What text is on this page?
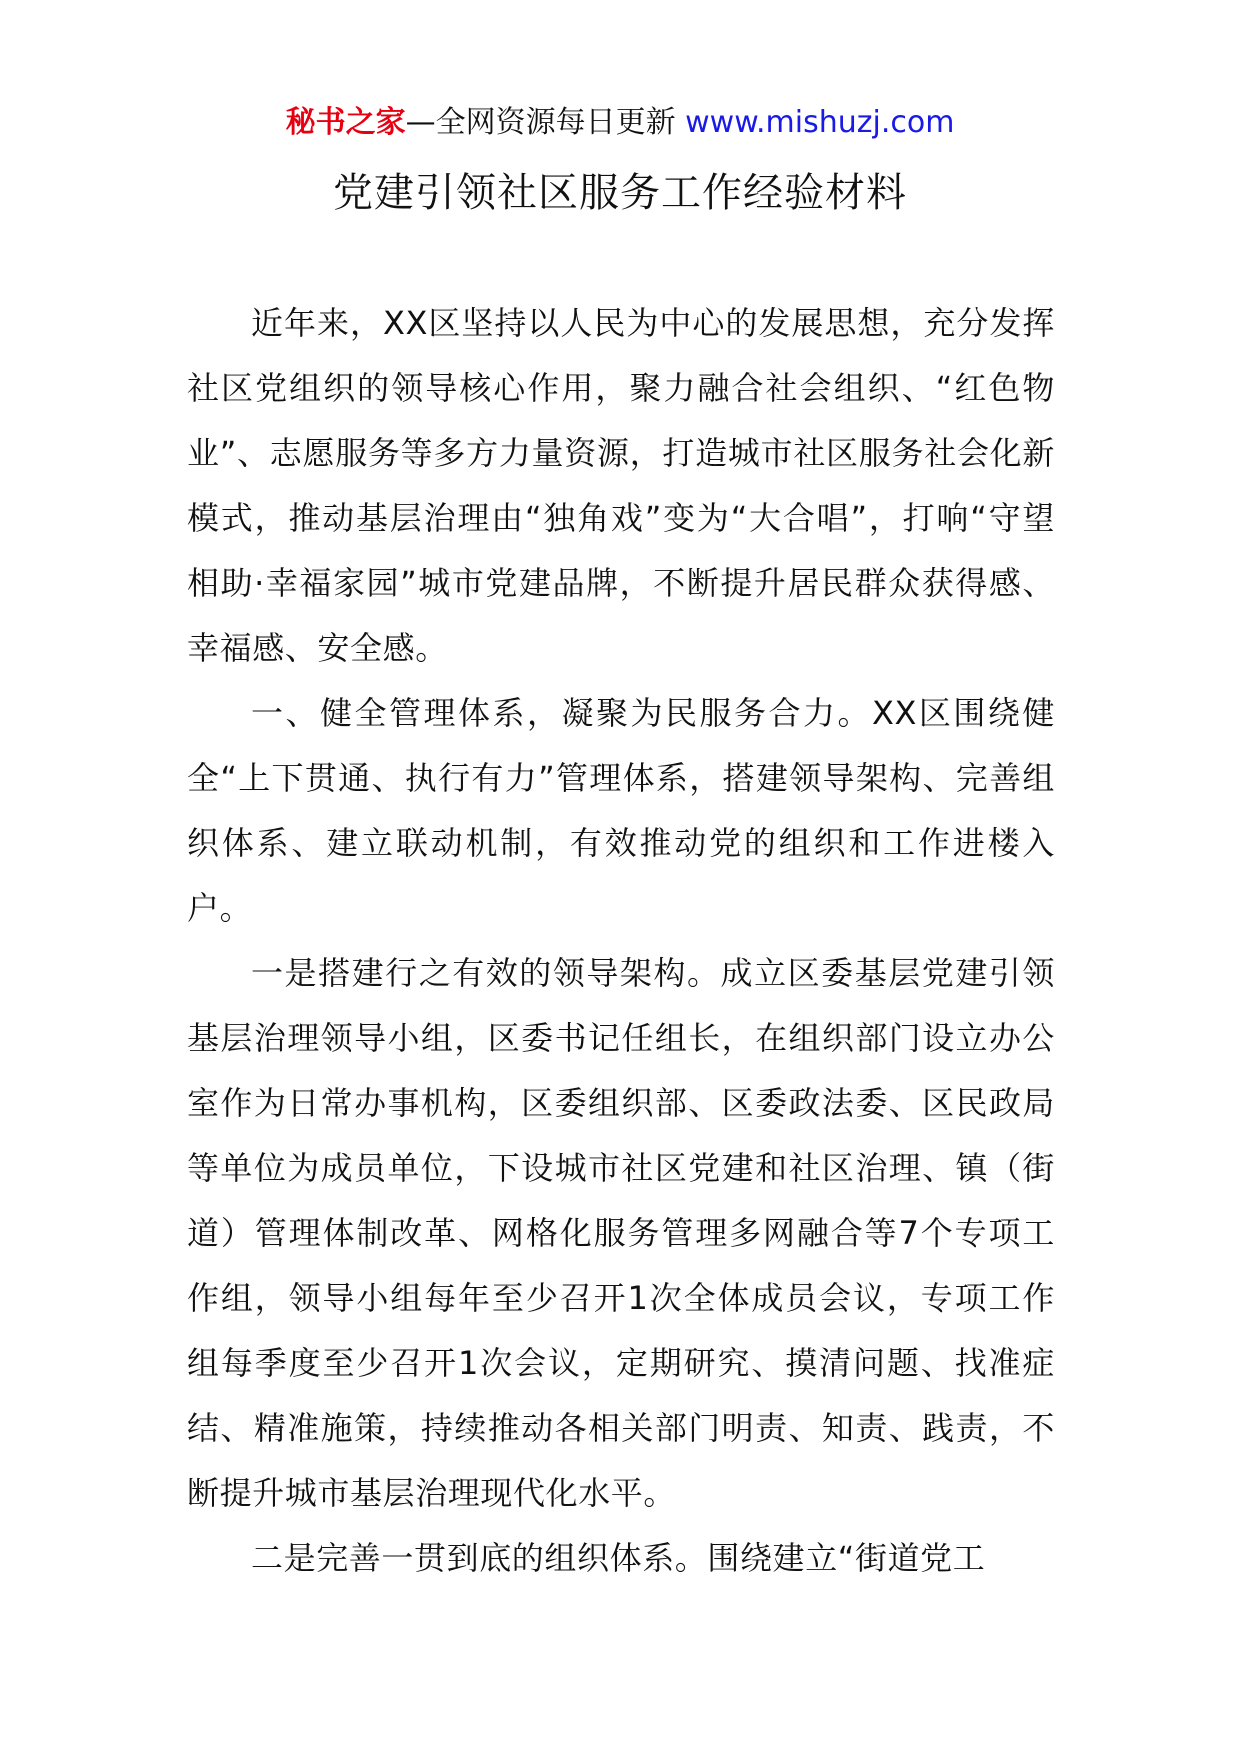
秘书之家—全网资源每日更新 www.mishuzj.com
党建引领社区服务工作经验材料

近年来，XX区坚持以人民为中心的发展思想，充分发挥社区党组织的领导核心作用，聚力融合社会组织、“红色物业”、志愿服务等多方力量资源，打造城市社区服务社会化新模式，推动基层治理由“独角戏”变为“大合唱”，打响“守望相助·幸福家园”城市党建品牌，不断提升居民群众获得感、幸福感、安全感。

一、健全管理体系，凝聚为民服务合力。XX区围绕健全“上下贯通、执行有力”管理体系，搭建领导架构、完善组织体系、建立联动机制，有效推动党的组织和工作进楼入户。

一是搭建行之有效的领导架构。成立区委基层党建引领基层治理领导小组，区委书记任组长，在组织部门设立办公室作为日常办事机构，区委组织部、区委政法委、区民政局等单位为成员单位，下设城市社区党建和社区治理、镇（街道）管理体制改革、网格化服务管理多网融合等7个专项工作组，领导小组每年至少召开1次全体成员会议，专项工作组每季度至少召开1次会议，定期研究、摸清问题、找准症结、精准施策，持续推动各相关部门明责、知责、践责，不断提升城市基层治理现代化水平。

二是完善一贯到底的组织体系。围绕建立“街道党工
